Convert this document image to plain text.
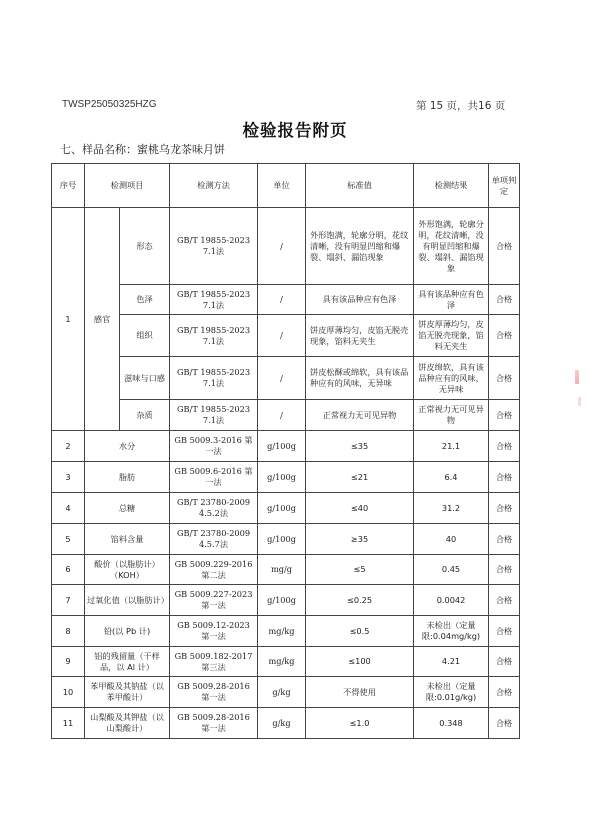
TWSP25050325HZG	第 15 页，共16 页
检验报告附页
七、样品名称：蜜桃乌龙茶味月饼
序号	检测项目		检测方法	单位	标准值	检测结果	单项判定
1	感官	形态	GB/T 19855-2023 7.1法	/	外形饱满，轮廓分明，花纹清晰，没有明显凹缩和爆裂、塌斜、漏馅现象	外形饱满，轮廓分明，花纹清晰，没有明显凹缩和爆裂、塌斜、漏馅现象	合格
		色泽	GB/T 19855-2023 7.1法	/	具有该品种应有色泽	具有该品种应有色泽	合格
		组织	GB/T 19855-2023 7.1法	/	饼皮厚薄均匀，皮馅无脱壳现象，馅料无夹生	饼皮厚薄均匀，皮馅无脱壳现象，馅料无夹生	合格
		滋味与口感	GB/T 19855-2023 7.1法	/	饼皮松酥或绵软，具有该品种应有的风味，无异味	饼皮绵软，具有该品种应有的风味，无异味	合格
		杂质	GB/T 19855-2023 7.1法	/	正常视力无可见异物	正常视力无可见异物	合格
2	水分		GB 5009.3-2016 第一法	g/100g	≤35	21.1	合格
3	脂肪		GB 5009.6-2016 第一法	g/100g	≤21	6.4	合格
4	总糖		GB/T 23780-2009 4.5.2法	g/100g	≤40	31.2	合格
5	馅料含量		GB/T 23780-2009 4.5.7法	g/100g	≥35	40	合格
6	酸价（以脂肪计）（KOH）		GB 5009.229-2016 第二法	mg/g	≤5	0.45	合格
7	过氧化值（以脂肪计）		GB 5009.227-2023 第一法	g/100g	≤0.25	0.0042	合格
8	铅(以 Pb 计)		GB 5009.12-2023 第一法	mg/kg	≤0.5	未检出（定量限:0.04mg/kg)	合格
9	铝的残留量（干样品，以 Al 计）		GB 5009.182-2017 第三法	mg/kg	≤100	4.21	合格
10	苯甲酸及其钠盐（以苯甲酸计）		GB 5009.28-2016 第一法	g/kg	不得使用	未检出（定量限:0.01g/kg)	合格
11	山梨酸及其钾盐（以山梨酸计）		GB 5009.28-2016 第一法	g/kg	≤1.0	0.348	合格
